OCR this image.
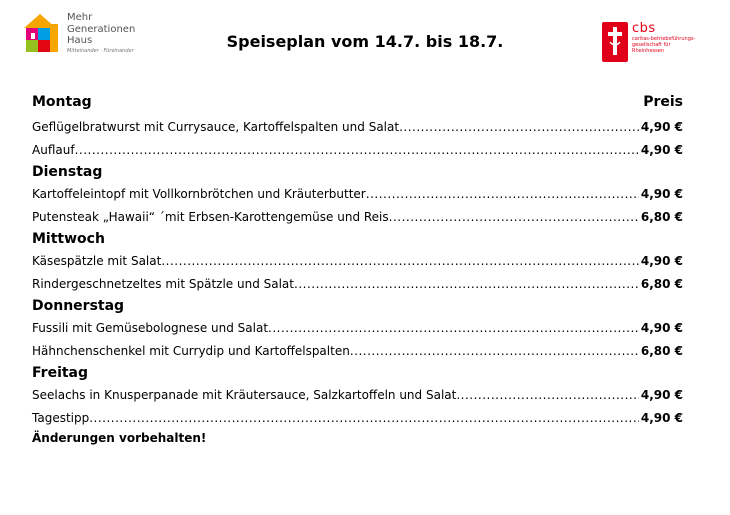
Mehr
Generationen
Haus
Mitteinander · Füreinander	Speiseplan vom 14.7. bis 18.7.
cbs
caritas-betriebsführungs-
gesellschaft für
Rheinhessen
Montag	Preis
Geflügelbratwurst mit Currysauce, Kartoffelspalten und Salat .....	4,90 €
Auflauf .....	4,90 €
Dienstag
Kartoffeleintopf mit Vollkornbrötchen und Kräuterbutter .....	4,90 €
Putensteak „Hawaii“ ´mit Erbsen-Karottengemüse und Reis .....	6,80 €
Mittwoch
Käsespätzle mit Salat .....	4,90 €
Rindergeschnetzeltes mit Spätzle und Salat .....	6,80 €
Donnerstag
Fussili mit Gemüsebolognese und Salat .....	4,90 €
Hähnchenschenkel mit Currydip und Kartoffelspalten .....	6,80 €
Freitag
Seelachs in Knusperpanade mit Kräutersauce, Salzkartoffeln und Salat .....	4,90 €
Tagestipp .....	4,90 €
Änderungen vorbehalten!
